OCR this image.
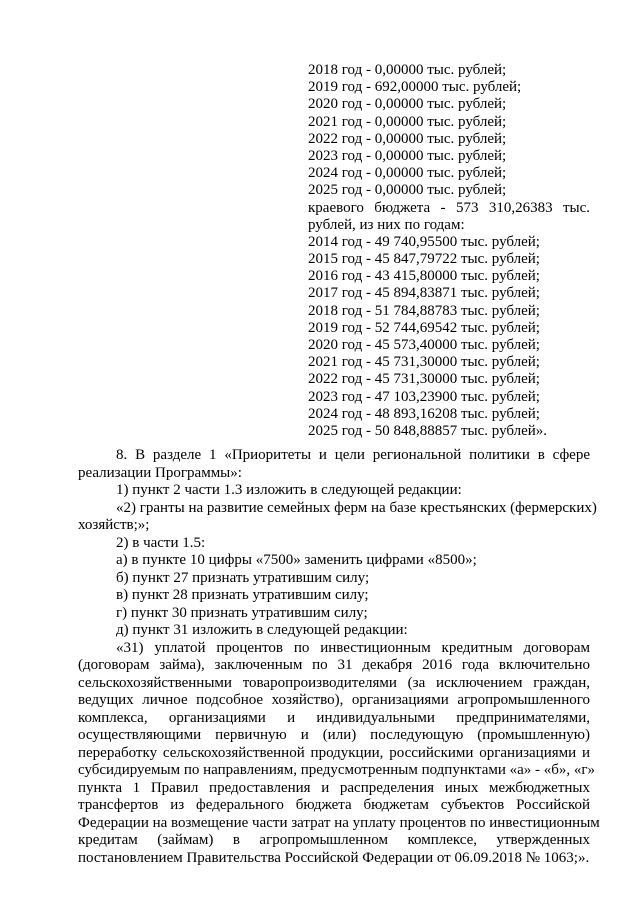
2018 год - 0,00000 тыс. рублей;
2019 год - 692,00000 тыс. рублей;
2020 год - 0,00000 тыс. рублей;
2021 год - 0,00000 тыс. рублей;
2022 год - 0,00000 тыс. рублей;
2023 год - 0,00000 тыс. рублей;
2024 год - 0,00000 тыс. рублей;
2025 год - 0,00000 тыс. рублей;
краевого бюджета - 573 310,26383 тыс.
рублей, из них по годам:
2014 год - 49 740,95500 тыс. рублей;
2015 год - 45 847,79722 тыс. рублей;
2016 год - 43 415,80000 тыс. рублей;
2017 год - 45 894,83871 тыс. рублей;
2018 год - 51 784,88783 тыс. рублей;
2019 год - 52 744,69542 тыс. рублей;
2020 год - 45 573,40000 тыс. рублей;
2021 год - 45 731,30000 тыс. рублей;
2022 год - 45 731,30000 тыс. рублей;
2023 год - 47 103,23900 тыс. рублей;
2024 год - 48 893,16208 тыс. рублей;
2025 год - 50 848,88857 тыс. рублей».
8. В разделе 1 «Приоритеты и цели региональной политики в сфере
реализации Программы»:
1) пункт 2 части 1.3 изложить в следующей редакции:
«2) гранты на развитие семейных ферм на базе крестьянских (фермерских)
хозяйств;»;
2) в части 1.5:
а) в пункте 10 цифры «7500» заменить цифрами «8500»;
б) пункт 27 признать утратившим силу;
в) пункт 28 признать утратившим силу;
г) пункт 30 признать утратившим силу;
д) пункт 31 изложить в следующей редакции:
«31) уплатой процентов по инвестиционным кредитным договорам
(договорам займа), заключенным по 31 декабря 2016 года включительно
сельскохозяйственными товаропроизводителями (за исключением граждан,
ведущих личное подсобное хозяйство), организациями агропромышленного
комплекса, организациями и индивидуальными предпринимателями,
осуществляющими первичную и (или) последующую (промышленную)
переработку сельскохозяйственной продукции, российскими организациями и
субсидируемым по направлениям, предусмотренным подпунктами «а» - «б», «г»
пункта 1 Правил предоставления и распределения иных межбюджетных
трансфертов из федерального бюджета бюджетам субъектов Российской
Федерации на возмещение части затрат на уплату процентов по инвестиционным
кредитам (займам) в агропромышленном комплексе, утвержденных
постановлением Правительства Российской Федерации от 06.09.2018 № 1063;».
